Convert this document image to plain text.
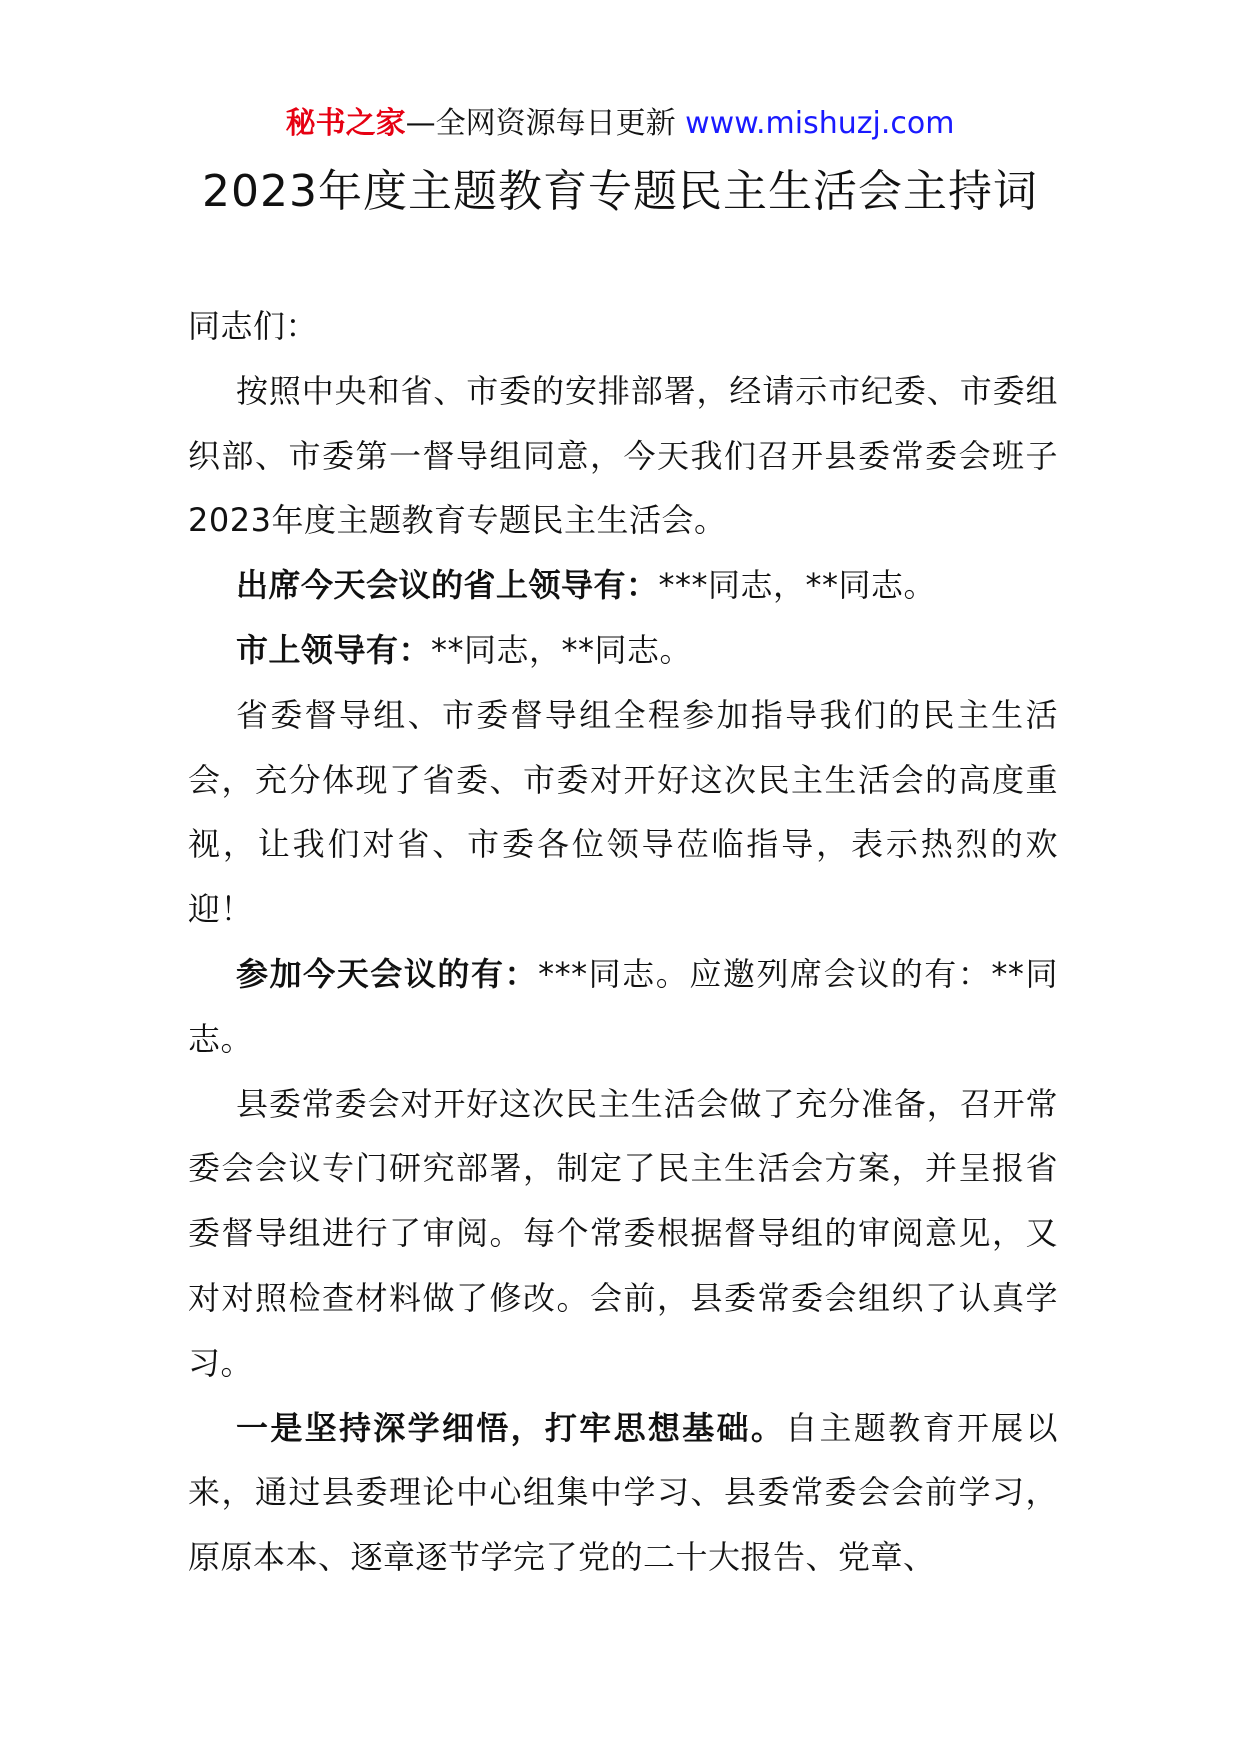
秘书之家—全网资源每日更新 www.mishuzj.com
2023年度主题教育专题民主生活会主持词

同志们：

按照中央和省、市委的安排部署，经请示市纪委、市委组织部、市委第一督导组同意，今天我们召开县委常委会班子2023年度主题教育专题民主生活会。

出席今天会议的省上领导有：***同志，**同志。

市上领导有：**同志，**同志。

省委督导组、市委督导组全程参加指导我们的民主生活会，充分体现了省委、市委对开好这次民主生活会的高度重视，让我们对省、市委各位领导莅临指导，表示热烈的欢迎！

参加今天会议的有：***同志。应邀列席会议的有：**同志。

县委常委会对开好这次民主生活会做了充分准备，召开常委会会议专门研究部署，制定了民主生活会方案，并呈报省委督导组进行了审阅。每个常委根据督导组的审阅意见，又对对照检查材料做了修改。会前，县委常委会组织了认真学习。

一是坚持深学细悟，打牢思想基础。自主题教育开展以来，通过县委理论中心组集中学习、县委常委会会前学习，原原本本、逐章逐节学完了党的二十大报告、党章、
